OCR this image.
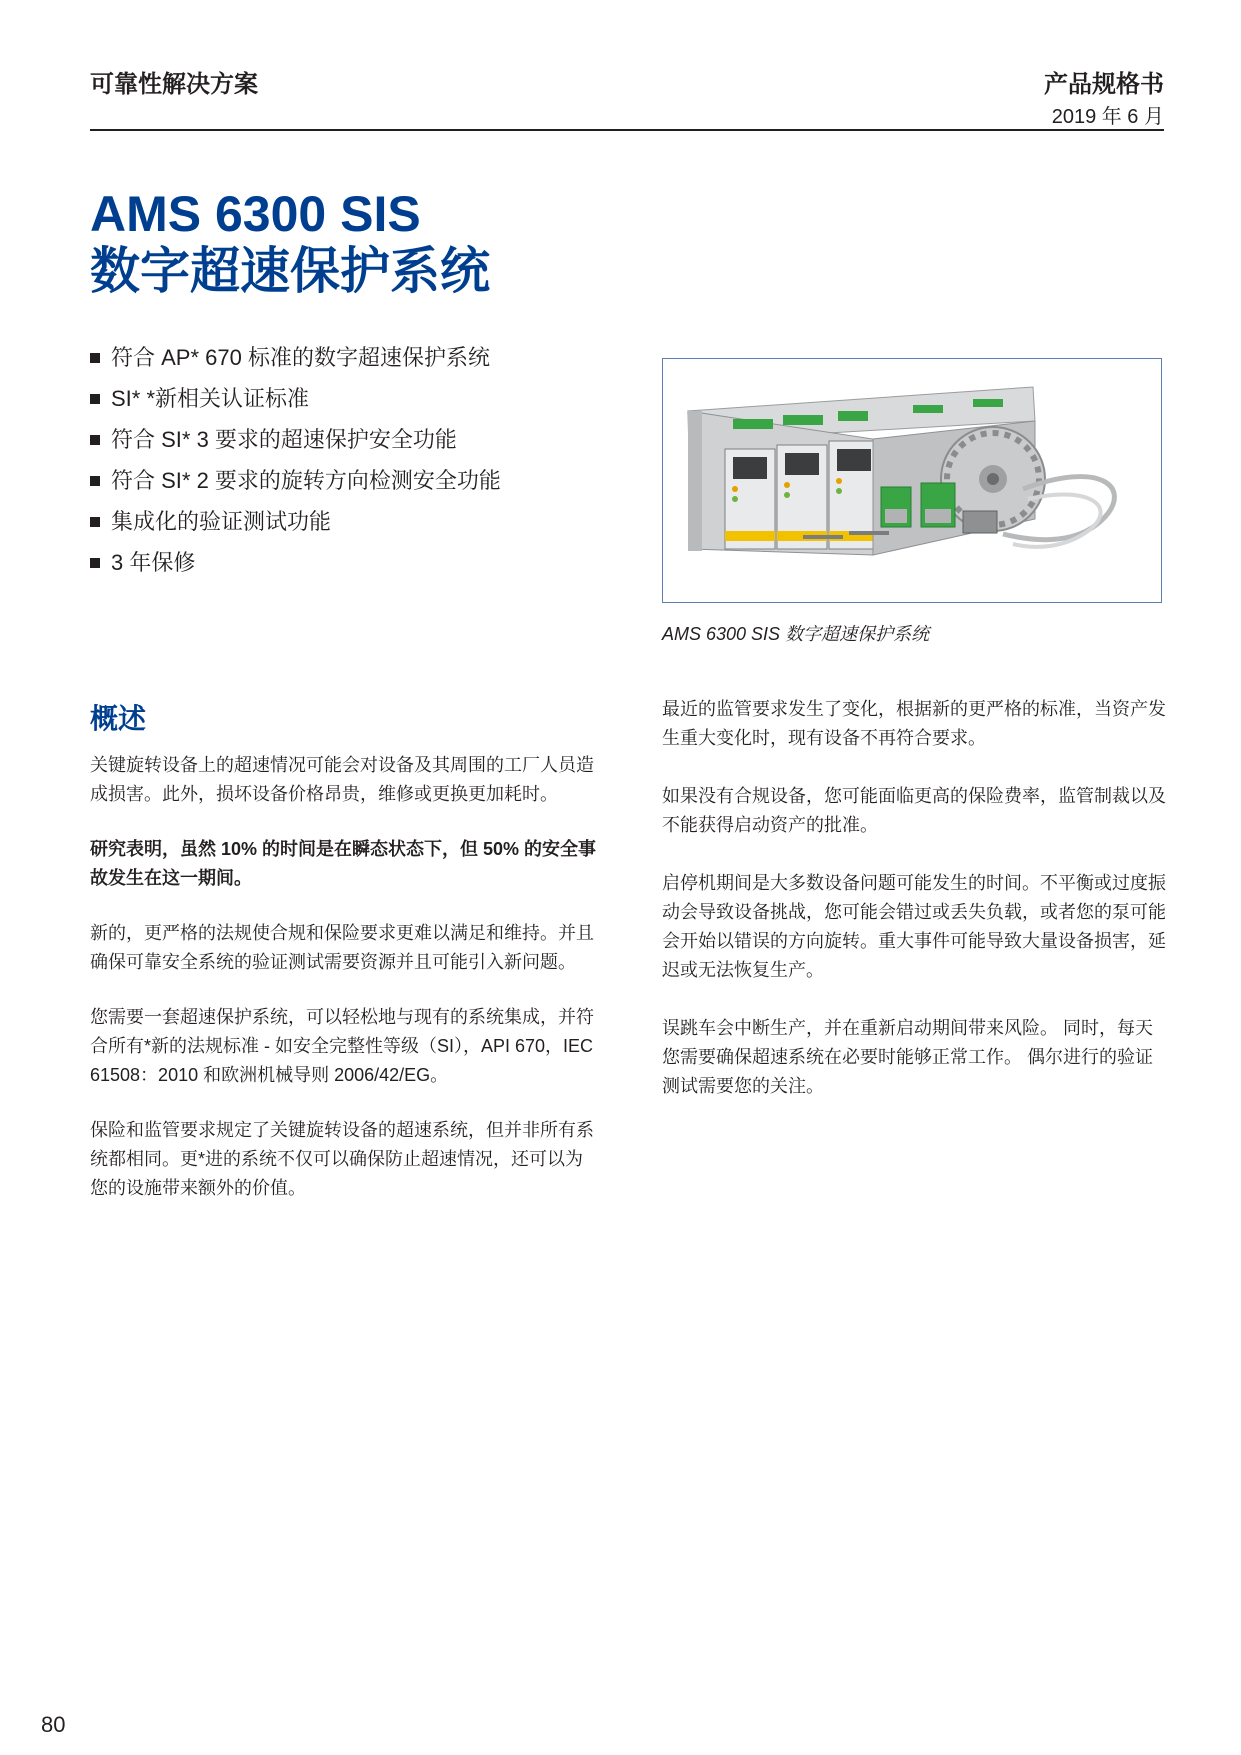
可靠性解决方案	产品规格书
2019 年 6 月
AMS 6300 SIS
数字超速保护系统
符合 AP* 670 标准的数字超速保护系统
SI* *新相关认证标准
符合 SI* 3 要求的超速保护安全功能
符合 SI* 2 要求的旋转方向检测安全功能
集成化的验证测试功能
3 年保修
AMS 6300 SIS 数字超速保护系统
概述

关键旋转设备上的超速情况可能会对设备及其周围的工厂人员造成损害。此外，损坏设备价格昂贵，维修或更换更加耗时。

研究表明，虽然 10% 的时间是在瞬态状态下，但 50% 的安全事故发生在这一期间。

新的，更严格的法规使合规和保险要求更难以满足和维持。并且确保可靠安全系统的验证测试需要资源并且可能引入新问题。

您需要一套超速保护系统，可以轻松地与现有的系统集成，并符合所有*新的法规标准 - 如安全完整性等级（SI），API 670，IEC 61508：2010 和欧洲机械导则 2006/42/EG。

保险和监管要求规定了关键旋转设备的超速系统，但并非所有系统都相同。更*进的系统不仅可以确保防止超速情况，还可以为您的设施带来额外的价值。

最近的监管要求发生了变化，根据新的更严格的标准，当资产发生重大变化时，现有设备不再符合要求。

如果没有合规设备，您可能面临更高的保险费率，监管制裁以及不能获得启动资产的批准。

启停机期间是大多数设备问题可能发生的时间。不平衡或过度振动会导致设备挑战，您可能会错过或丢失负载，或者您的泵可能会开始以错误的方向旋转。重大事件可能导致大量设备损害，延迟或无法恢复生产。

误跳车会中断生产，并在重新启动期间带来风险。 同时，每天您需要确保超速系统在必要时能够正常工作。 偶尔进行的验证测试需要您的关注。

80
